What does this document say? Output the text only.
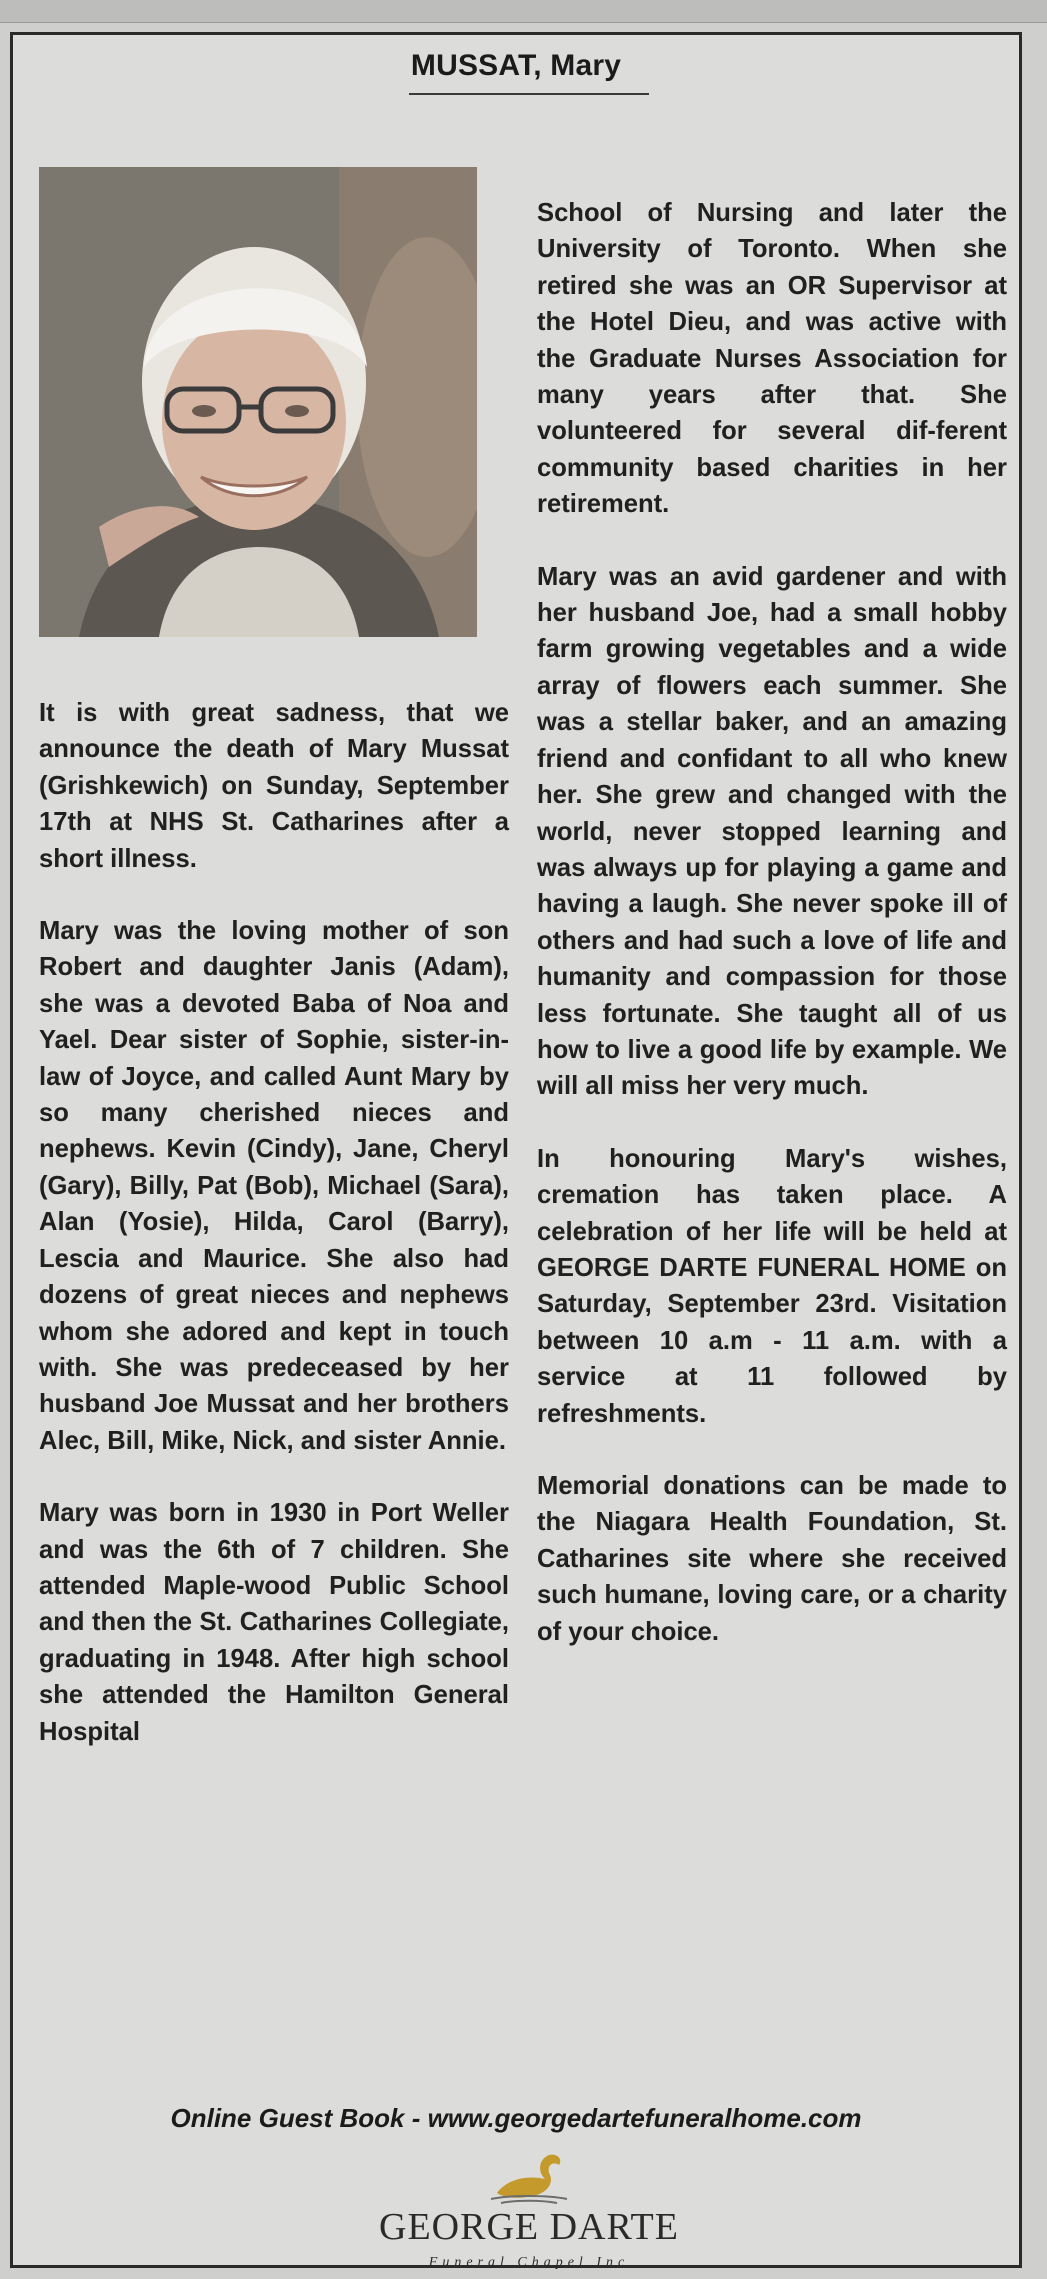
MUSSAT, Mary

It is with great sadness, that we announce the death of Mary Mussat (Grishkewich) on Sunday, September 17th at NHS St. Catharines after a short illness.

Mary was the loving mother of son Robert and daughter Janis (Adam), she was a devoted Baba of Noa and Yael. Dear sister of Sophie, sister-in-law of Joyce, and called Aunt Mary by so many cherished nieces and nephews. Kevin (Cindy), Jane, Cheryl (Gary), Billy, Pat (Bob), Michael (Sara), Alan (Yosie), Hilda, Carol (Barry), Lescia and Maurice. She also had dozens of great nieces and nephews whom she adored and kept in touch with. She was predeceased by her husband Joe Mussat and her brothers Alec, Bill, Mike, Nick, and sister Annie.

Mary was born in 1930 in Port Weller and was the 6th of 7 children. She attended Maple-wood Public School and then the St. Catharines Collegiate, graduating in 1948. After high school she attended the Hamilton General Hospital

School of Nursing and later the University of Toronto. When she retired she was an OR Supervisor at the Hotel Dieu, and was active with the Graduate Nurses Association for many years after that. She volunteered for several dif-ferent community based charities in her retirement.

Mary was an avid gardener and with her husband Joe, had a small hobby farm growing vegetables and a wide array of flowers each summer. She was a stellar baker, and an amazing friend and confidant to all who knew her. She grew and changed with the world, never stopped learning and was always up for playing a game and having a laugh. She never spoke ill of others and had such a love of life and humanity and compassion for those less fortunate. She taught all of us how to live a good life by example. We will all miss her very much.

In honouring Mary's wishes, cremation has taken place. A celebration of her life will be held at GEORGE DARTE FUNERAL HOME on Saturday, September 23rd. Visitation between 10 a.m - 11 a.m. with a service at 11 followed by refreshments.

Memorial donations can be made to the Niagara Health Foundation, St. Catharines site where she received such humane, loving care, or a charity of your choice.

Online Guest Book - www.georgedartefuneralhome.com
GEORGE DARTE
Funeral Chapel Inc
